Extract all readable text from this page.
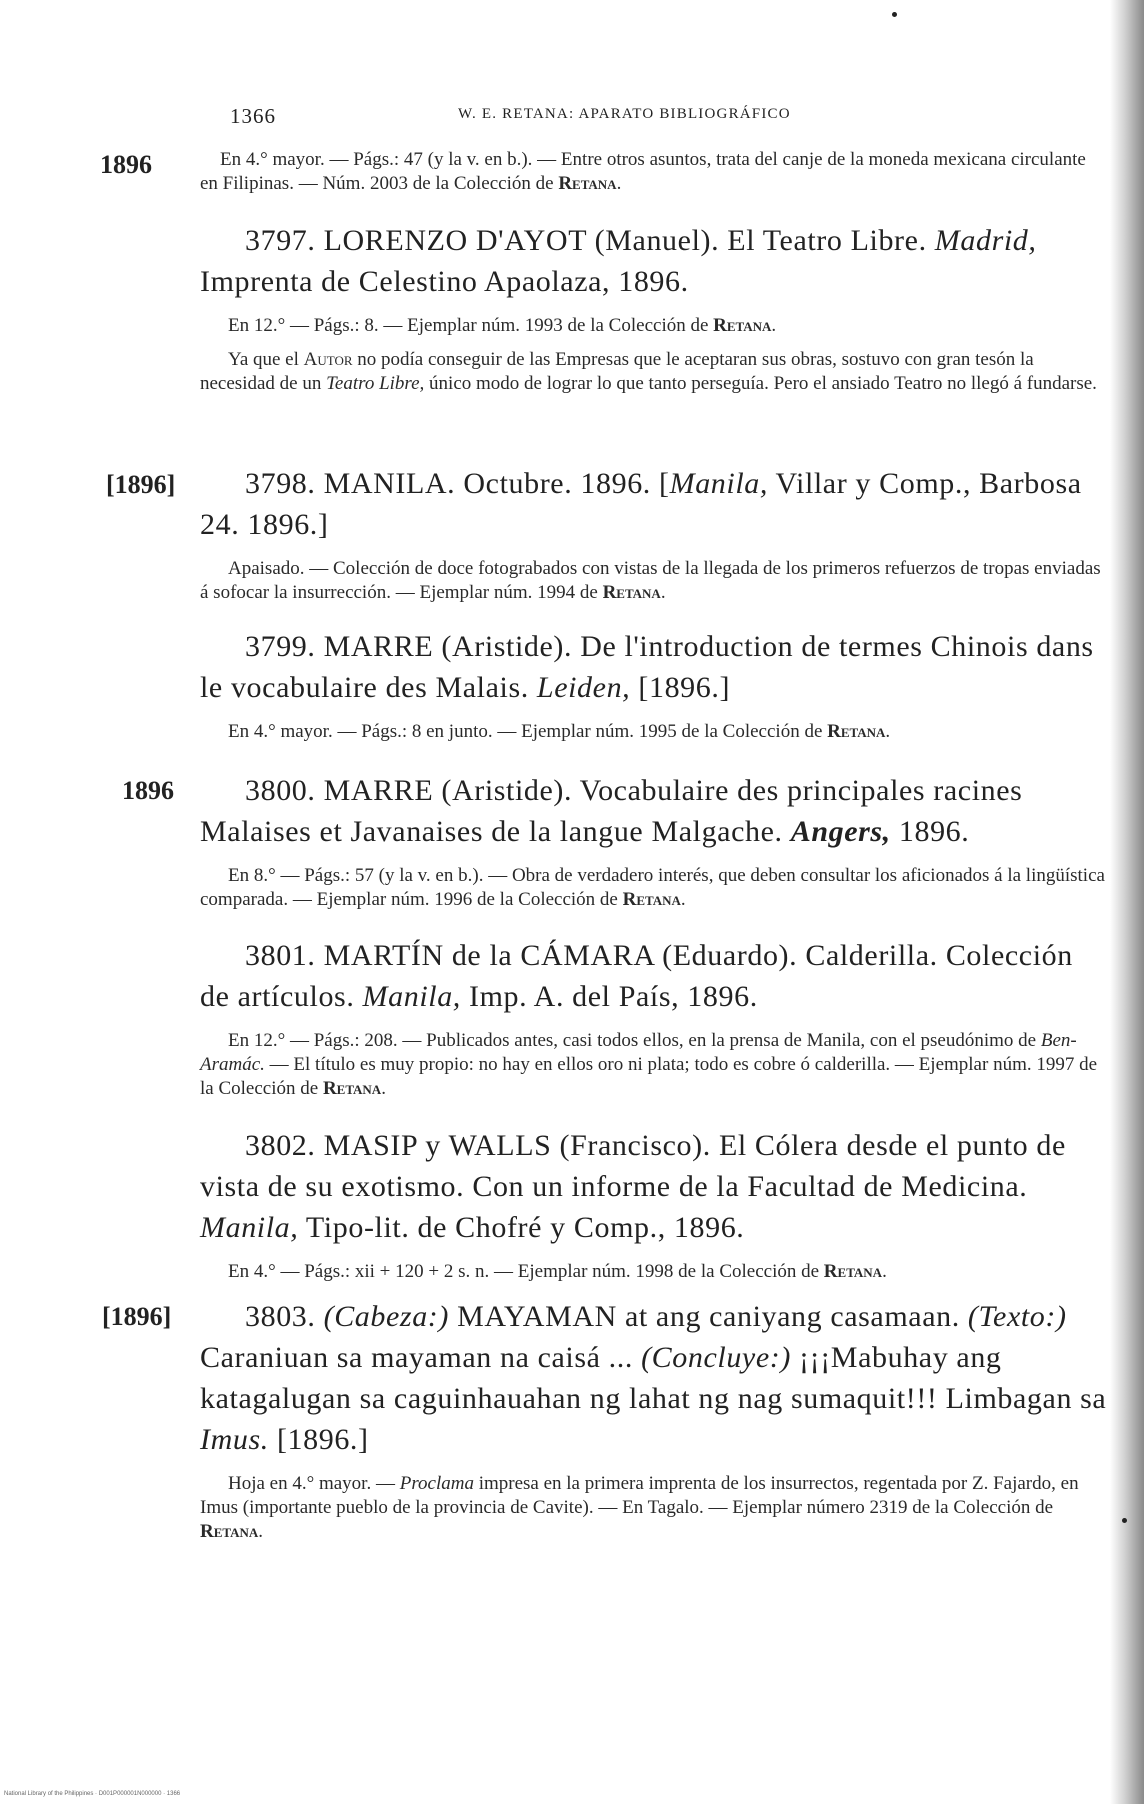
1366	W. E. RETANA: APARATO BIBLIOGRÁFICO
1896
[1896]
1896
[1896]

En 4.° mayor. — Págs.: 47 (y la v. en b.). — Entre otros asuntos, trata del canje de la moneda mexicana circulante en Filipinas. — Núm. 2003 de la Colección de Retana.

3797. LORENZO D'AYOT (Manuel). El Teatro Libre. Madrid, Imprenta de Celestino Apaolaza, 1896.

En 12.° — Págs.: 8. — Ejemplar núm. 1993 de la Colección de Retana.

Ya que el Autor no podía conseguir de las Empresas que le aceptaran sus obras, sostuvo con gran tesón la necesidad de un Teatro Libre, único modo de lograr lo que tanto perseguía. Pero el ansiado Teatro no llegó á fundarse.

3798. MANILA. Octubre. 1896. [Manila, Villar y Comp., Barbosa 24. 1896.]

Apaisado. — Colección de doce fotograbados con vistas de la llegada de los primeros refuerzos de tropas enviadas á sofocar la insurrección. — Ejemplar núm. 1994 de Retana.

3799. MARRE (Aristide). De l'introduction de termes Chinois dans le vocabulaire des Malais. Leiden, [1896.]

En 4.° mayor. — Págs.: 8 en junto. — Ejemplar núm. 1995 de la Colección de Retana.

3800. MARRE (Aristide). Vocabulaire des principales racines Malaises et Javanaises de la langue Malgache. Angers, 1896.

En 8.° — Págs.: 57 (y la v. en b.). — Obra de verdadero interés, que deben consultar los aficionados á la lingüística comparada. — Ejemplar núm. 1996 de la Colección de Retana.

3801. MARTÍN de la CÁMARA (Eduardo). Calderilla. Colección de artículos. Manila, Imp. A. del País, 1896.

En 12.° — Págs.: 208. — Publicados antes, casi todos ellos, en la prensa de Manila, con el pseudónimo de Ben-Aramác. — El título es muy propio: no hay en ellos oro ni plata; todo es cobre ó calderilla. — Ejemplar núm. 1997 de la Colección de Retana.

3802. MASIP y WALLS (Francisco). El Cólera desde el punto de vista de su exotismo. Con un informe de la Facultad de Medicina. Manila, Tipo-lit. de Chofré y Comp., 1896.

En 4.° — Págs.: xii + 120 + 2 s. n. — Ejemplar núm. 1998 de la Colección de Retana.

3803. (Cabeza:) MAYAMAN at ang caniyang casamaan. (Texto:) Caraniuan sa mayaman na caisá ... (Concluye:) ¡¡¡Mabuhay ang katagalugan sa caguinhauahan ng lahat ng nag sumaquit!!! Limbagan sa Imus. [1896.]

Hoja en 4.° mayor. — Proclama impresa en la primera imprenta de los insurrectos, regentada por Z. Fajardo, en Imus (importante pueblo de la provincia de Cavite). — En Tagalo. — Ejemplar número 2319 de la Colección de Retana.

National Library of the Philippines · D001P000001N000000 · 1366
